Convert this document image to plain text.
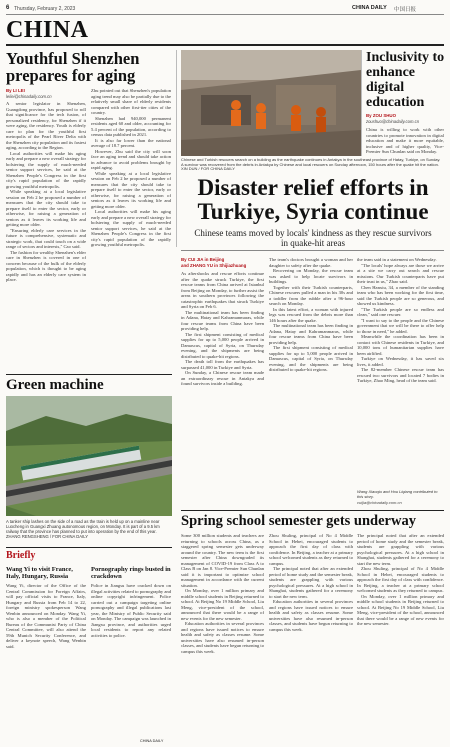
6 Thursday, February 2, 2023	CHINA DAILY 中国日报
CHINA
Youthful Shenzhen prepares for aging
By LI LEI
leilei@chinadaily.com.cn

A senior legislator in Shenzhen, Guangdong province, has proposed to roll that significance for the tech fusion, of personalized residency, for Shenzhen if it were aging, the residency. Youth is elderly care to plan for the youthful first metropolis of the Pearl River Delta with the Shenzhen city population and its fastest aging, according to the Region.

Local authorities will make his aging early and prepare a new overall strategy for bolstering the supply of much-needed senior support services, he said at the Shenzhen People's Congress in the first city's rapid population of the rapidly growing youthful metropolis.

While speaking at a local legislative session on Feb 2 he proposed a number of measures that the city should take to prepare itself to enter the sector, early or otherwise, for raising a generation of seniors as it leaves its working life and getting more older.

"Ensuring elderly care services in the future is comprehensive, systematic and strategic work, that could touch on a wide range of sectors and interests," Cao said.

The fashion for wealthy Shenzhen's elder care in Shenzhen is covered in one of concern because of the bulk of the elderly population, which is thought to be aging rapidly and has an elderly care system in place.

Zhu pointed out that Shenzhen's population aging trend may also be partially due to the relatively small share of elderly residents compared with other first-tier cities of the country.

Shenzhen had 940,000 permanent residents aged 60 and older, accounting for 5.4 percent of the population, according to census data published in 2021.

It is also far lower than the national average of 18.7 percent.

However, Zhu said the city will soon face an aging trend and should take action in advance to avoid problems brought by rapid aging.

While speaking at a local legislative session on Feb 2 he proposed a number of measures that the city should take to prepare itself to enter the sector, early or otherwise, for raising a generation of seniors as it leaves its working life and getting more older.

Local authorities will make his aging early and prepare a new overall strategy for bolstering the supply of much-needed senior support services, he said at the Shenzhen People's Congress in the first city's rapid population of the rapidly growing youthful metropolis.

Green machine
A tanker ship lashes on the side of a road as the train is held up on a mainline near Luocheng in Guangxi Zhuang autonomous region, on Monday. It is part of a 9.5 km railway that the province has planned to put into operation by the end of this year. ZHANG RENGSHENG / FOR CHINA DAILY
Briefly
Wang Yi to visit France, Italy, Hungary, Russia

Wang Yi, director of the Office of the Central Commission for Foreign Affairs, will pay official visits to France, Italy, Hungary and Russia from Feb 14 to 22, foreign ministry spokesperson Wang Wenbin announced on Monday. Wang Yi, who is also a member of the Political Bureau of the Communist Party of China Central Committee, will also attend the 59th Munich Security Conference, and deliver a keynote speech, Wang Wenbin said.

Pornography rings busted in crackdown

Police in Jiangsu have cracked down on illegal activities related to pornography and online copyright infringement. Police carried out a campaign targeting online pornography and illegal publications last year, the Ministry of Public Security said on Monday. The campaign was launched in Jiangsu province, and authorities urged local residents to report any related activities to police.

CHINA DAILY
Chinese and Turkish rescuers search on a building as the earthquake continues in Antakya in the southeast province of Hatay, Turkiye, on Sunday. A survivor was recovered from the debris in Antakya by Chinese and local rescuers on Sunday afternoon, 150 hours after the quake hit the nation. XIN DUN / FOR CHINA DAILY
Disaster relief efforts in Turkiye, Syria continue
Chinese teams moved by locals' kindness as they rescue survivors in quake-hit areas
By CUI JIA in Beijing
and ZHANG YU in Shijiazhuang

As aftershocks and rescue efforts continue after the quake struck Turkiye, the first rescue teams from China arrived at Istanbul from Beijing on Monday, to further assist the areas in southern provinces following the catastrophic earthquakes that struck Turkiye and Syria on Feb 6.

The multinational team has been finding in Adana, Hatay and Kahramanmaras, while four rescue teams from China have been providing help.

The first shipment consisting of medical supplies for up to 5,000 people arrived in Damascus, capital of Syria, on Thursday evening, and the shipments are being distributed to quake-hit regions.

The death toll from the earthquakes has surpassed 41,000 in Turkiye and Syria.

On Sunday, a Chinese rescue team made an extraordinary rescue in Antakya and found survivors inside a building.

The team's doctors brought a woman and her daughter to safety after the quake.

Recovering on Monday, the rescue team was asked to help locate survivors in buildings.

Together with their Turkish counterparts, Chinese rescuers pulled a man in his 30s and a toddler from the rubble after a 96-hour search on Monday.

In this latest effort, a woman with injured legs was rescued from the debris more than 146 hours after the quake.

The multinational team has been finding in Adana, Hatay and Kahramanmaras, while four rescue teams from China have been providing help.

The first shipment consisting of medical supplies for up to 5,000 people arrived in Damascus, capital of Syria, on Thursday evening, and the shipments are being distributed to quake-hit regions.

the team said in a statement on Wednesday.

"The locals' hope always are those we arrive at a site we carry out search and rescue missions. Our Turkish counterparts have put their trust in us," Zhao said.

Chen Hanxiu, 34, a member of the standing team who has been working for the first time, said the Turkish people are so generous, and showed us kindness.

"The Turkish people are so endless and clean," said one rescuer.

"I want to say to the people and the Chinese government that we will be there to offer help to those in need," he added.

Meanwhile the coordination has been in contact with Chinese residents in Turkiye, and 10,000 tons of humanitarian supplies have been airlifted.

Turkiye on Wednesday, it has saved six lives, it added.

The 82-member Chinese rescue team has rescued two survivors and located 7 bodies in Turkiye, Zhao Ming, head of the team said.

Wang Xiaoqiu and Hou Liqiang contributed to this story.
cuijia@chinadaily.com.cn
Inclusivity to enhance digital education
By ZOU SHUO
zoushuo@chinadaily.com.cn

China is willing to work with other countries to promote innovation in digital education and make it more equitable, inclusive and of higher quality, Vice-Premier Sun Chunlan said on Monday.

Spring school semester gets underway

Some 300 million students and teachers are returning to schools across China, as a staggered spring semester gets underway around the country. The new term is the first semester after China downgraded its management of COVID-19 from Class A to Class B on Jan 8. Vice-Premier Sun Chunlan said it is important to optimize school management in accordance with the current situation.

On Monday, over 1 million primary and middle school students in Beijing returned to school. At Beijing No 19 Middle School, Liu Meng, vice-president of the school, announced that there would be a range of new events for the new semester.

Education authorities in several provinces and regions have issued notices to ensure health and safety as classes resume. Some universities have also resumed in-person classes, and students have begun returning to campus this week.

Zhou Shuling, principal of No 4 Middle School in Hebei, encouraged students to approach the first day of class with confidence. In Beijing, a teacher at a primary school welcomed students as they returned to campus.

The principal noted that after an extended period of home study and the semester break, students are grappling with various psychological pressures. At a high school in Shanghai, students gathered for a ceremony to start the new term.

Education authorities in several provinces and regions have issued notices to ensure health and safety as classes resume. Some universities have also resumed in-person classes, and students have begun returning to campus this week.

The principal noted that after an extended period of home study and the semester break, students are grappling with various psychological pressures. At a high school in Shanghai, students gathered for a ceremony to start the new term.

Zhou Shuling, principal of No 4 Middle School in Hebei, encouraged students to approach the first day of class with confidence. In Beijing, a teacher at a primary school welcomed students as they returned to campus.

On Monday, over 1 million primary and middle school students in Beijing returned to school. At Beijing No 19 Middle School, Liu Meng, vice-president of the school, announced that there would be a range of new events for the new semester.
